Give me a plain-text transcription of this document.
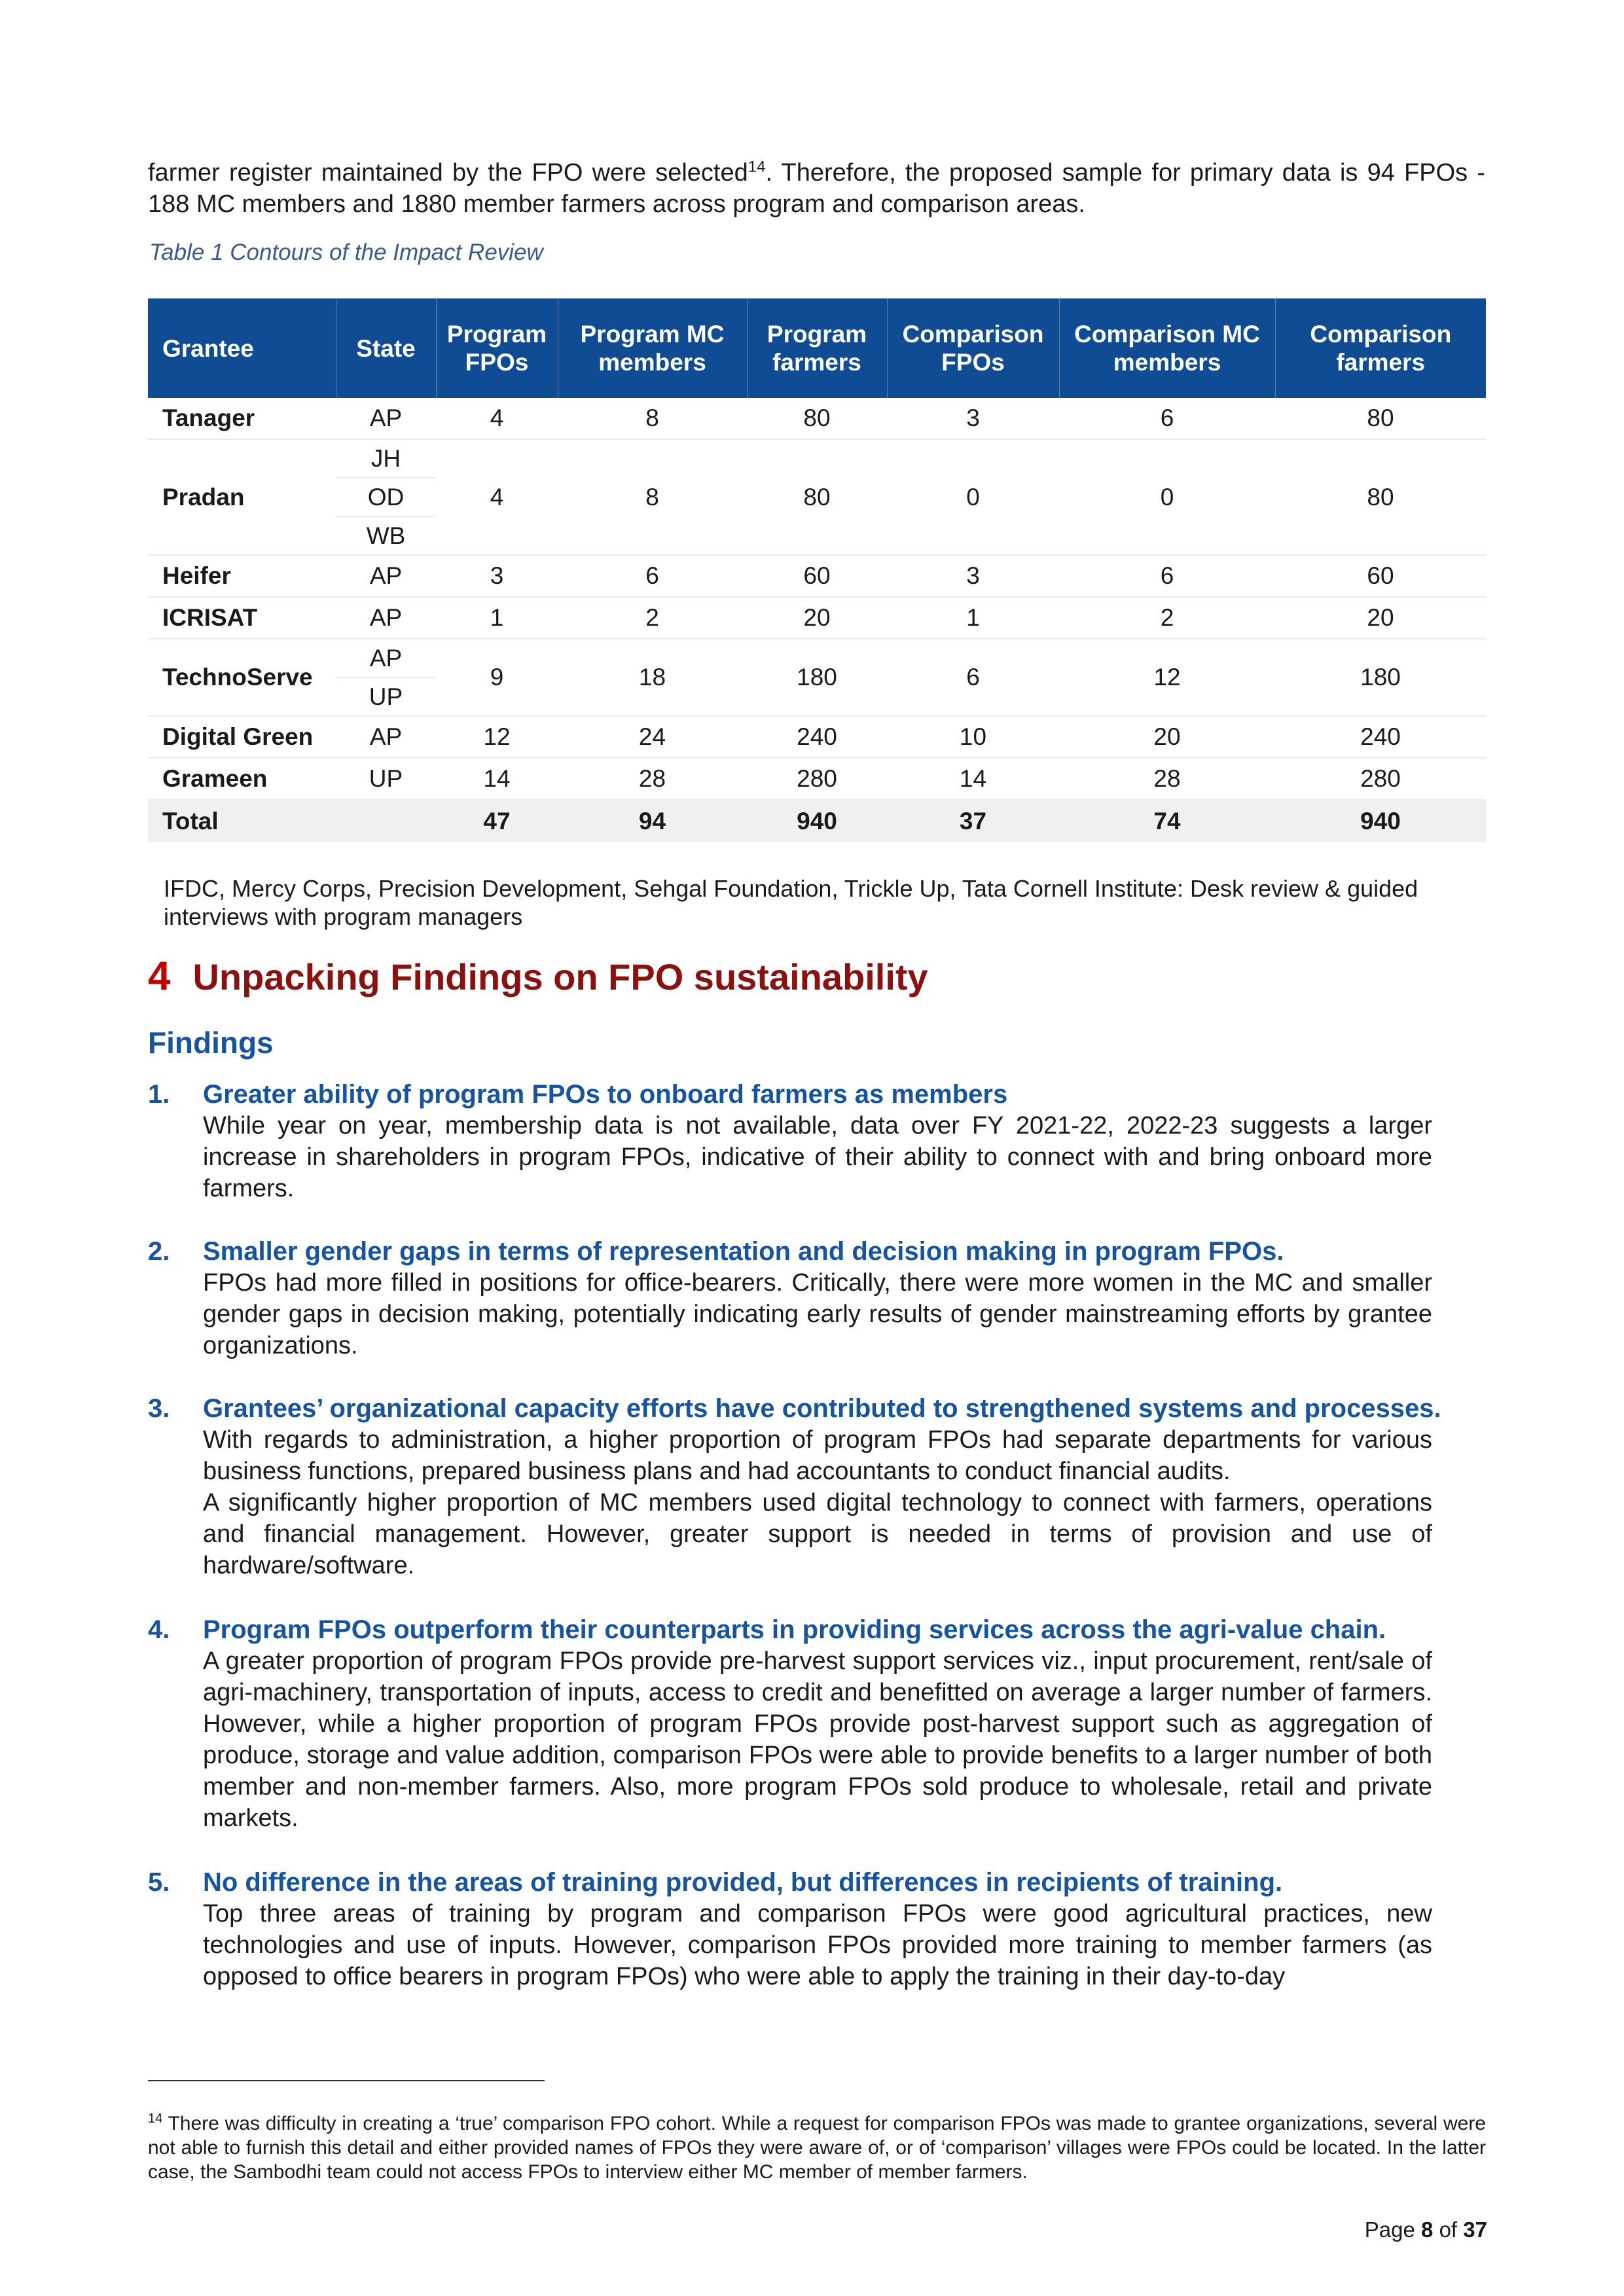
farmer register maintained by the FPO were selected$^{14}$. Therefore, the proposed sample for primary data is 94 FPOs - 188 MC members and 1880 member farmers across program and comparison areas.

Table 1 Contours of the Impact Review
Grantee	State	Program FPOs	Program MC members	Program farmers	Comparison FPOs	Comparison MC members	Comparison farmers
Tanager	AP	4	8	80	3	6	80
Pradan	JH	4	8	80	0	0	80
	OD						
	WB						
Heifer	AP	3	6	60	3	6	60
ICRISAT	AP	1	2	20	1	2	20
TechnoServe	AP	9	18	180	6	12	180
	UP						
Digital Green	AP	12	24	240	10	20	240
Grameen	UP	14	28	280	14	28	280
Total		47	94	940	37	74	940
IFDC, Mercy Corps, Precision Development, Sehgal Foundation, Trickle Up, Tata Cornell Institute: Desk review & guided interviews with program managers
4 Unpacking Findings on FPO sustainability
Findings
1. Greater ability of program FPOs to onboard farmers as members

While year on year, membership data is not available, data over FY 2021-22, 2022-23 suggests a larger increase in shareholders in program FPOs, indicative of their ability to connect with and bring onboard more farmers.

2. Smaller gender gaps in terms of representation and decision making in program FPOs.

FPOs had more filled in positions for office-bearers. Critically, there were more women in the MC and smaller gender gaps in decision making, potentially indicating early results of gender mainstreaming efforts by grantee organizations.

3. Grantees’ organizational capacity efforts have contributed to strengthened systems and processes.

With regards to administration, a higher proportion of program FPOs had separate departments for various business functions, prepared business plans and had accountants to conduct financial audits.

A significantly higher proportion of MC members used digital technology to connect with farmers, operations and financial management. However, greater support is needed in terms of provision and use of hardware/software.

4. Program FPOs outperform their counterparts in providing services across the agri-value chain.

A greater proportion of program FPOs provide pre-harvest support services viz., input procurement, rent/sale of agri-machinery, transportation of inputs, access to credit and benefitted on average a larger number of farmers. However, while a higher proportion of program FPOs provide post-harvest support such as aggregation of produce, storage and value addition, comparison FPOs were able to provide benefits to a larger number of both member and non-member farmers. Also, more program FPOs sold produce to wholesale, retail and private markets.

5. No difference in the areas of training provided, but differences in recipients of training.

Top three areas of training by program and comparison FPOs were good agricultural practices, new technologies and use of inputs. However, comparison FPOs provided more training to member farmers (as opposed to office bearers in program FPOs) who were able to apply the training in their day-to-day

$^{14}$ There was difficulty in creating a ‘true’ comparison FPO cohort. While a request for comparison FPOs was made to grantee organizations, several were not able to furnish this detail and either provided names of FPOs they were aware of, or of ‘comparison’ villages were FPOs could be located. In the latter case, the Sambodhi team could not access FPOs to interview either MC member of member farmers.
Page 8 of 37
